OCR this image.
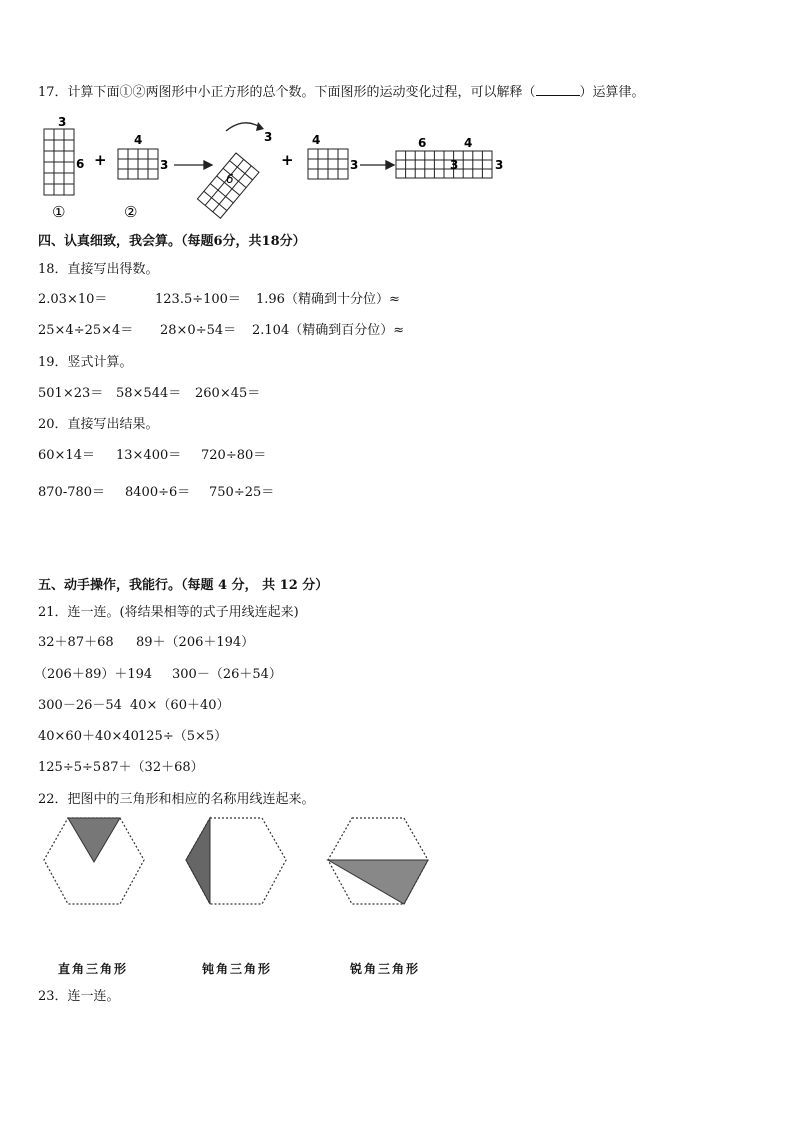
17．计算下面①②两图形中小正方形的总个数。下面图形的运动变化过程，可以解释（	）运算律。
3
6
①
+
4
3
②
3
6
+
4
3
6	4
3	3
四、认真细致，我会算。（每题6分，共18分）
18．直接写出得数。
2.03×10＝	123.5÷100＝ 1.96（精确到十分位）≈
25×4÷25×4＝ 28×0÷54＝ 2.104（精确到百分位）≈
19．竖式计算。
501×23＝ 58×544＝ 260×45＝
20．直接写出结果。
60×14＝ 13×400＝ 720÷80＝
870-780＝ 8400÷6＝ 750÷25＝
五、动手操作，我能行。（每题 4 分， 共 12 分）
21．连一连。(将结果相等的式子用线连起来)
32＋87＋68 89＋（206＋194）
（206＋89）＋194 300－（26＋54）
300－26－54 40×（60＋40）
40×60＋40×40 125÷（5×5）
125÷5÷5 87＋（32＋68）
22．把图中的三角形和相应的名称用线连起来。
直角三角形	钝角三角形	锐角三角形
23．连一连。
